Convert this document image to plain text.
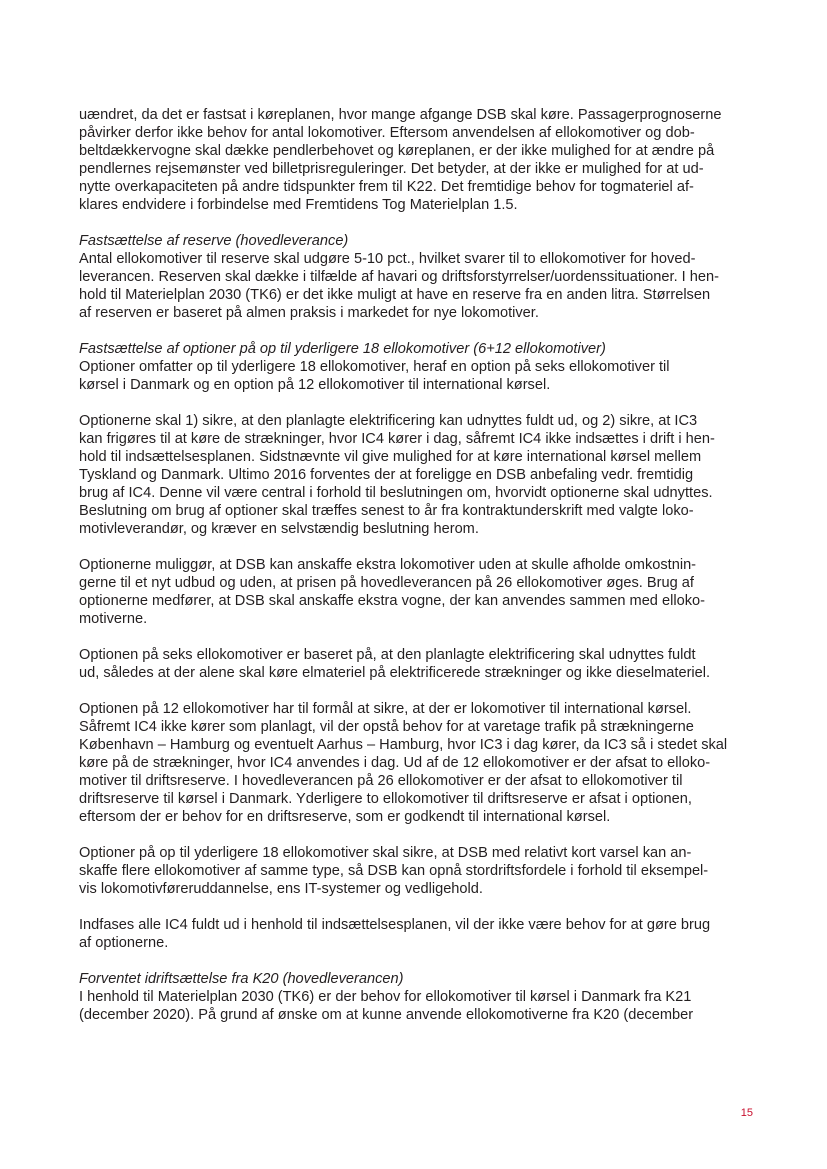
uændret, da det er fastsat i køreplanen, hvor mange afgange DSB skal køre. Passagerprognoserne
påvirker derfor ikke behov for antal lokomotiver. Eftersom anvendelsen af ellokomotiver og dob-
beltdækkervogne skal dække pendlerbehovet og køreplanen, er der ikke mulighed for at ændre på
pendlernes rejsemønster ved billetprisreguleringer. Det betyder, at der ikke er mulighed for at ud-
nytte overkapaciteten på andre tidspunkter frem til K22. Det fremtidige behov for togmateriel af-
klares endvidere i forbindelse med Fremtidens Tog Materielplan 1.5.
Fastsættelse af reserve (hovedleverance)
Antal ellokomotiver til reserve skal udgøre 5-10 pct., hvilket svarer til to ellokomotiver for hoved-
leverancen. Reserven skal dække i tilfælde af havari og driftsforstyrrelser/uordenssituationer. I hen-
hold til Materielplan 2030 (TK6) er det ikke muligt at have en reserve fra en anden litra. Størrelsen
af reserven er baseret på almen praksis i markedet for nye lokomotiver.
Fastsættelse af optioner på op til yderligere 18 ellokomotiver (6+12 ellokomotiver)
Optioner omfatter op til yderligere 18 ellokomotiver, heraf en option på seks ellokomotiver til
kørsel i Danmark og en option på 12 ellokomotiver til international kørsel.
Optionerne skal 1) sikre, at den planlagte elektrificering kan udnyttes fuldt ud, og 2) sikre, at IC3
kan frigøres til at køre de strækninger, hvor IC4 kører i dag, såfremt IC4 ikke indsættes i drift i hen-
hold til indsættelsesplanen. Sidstnævnte vil give mulighed for at køre international kørsel mellem
Tyskland og Danmark. Ultimo 2016 forventes der at foreligge en DSB anbefaling vedr. fremtidig
brug af IC4. Denne vil være central i forhold til beslutningen om, hvorvidt optionerne skal udnyttes.
Beslutning om brug af optioner skal træffes senest to år fra kontraktunderskrift med valgte loko-
motivleverandør, og kræver en selvstændig beslutning herom.
Optionerne muliggør, at DSB kan anskaffe ekstra lokomotiver uden at skulle afholde omkostnin-
gerne til et nyt udbud og uden, at prisen på hovedleverancen på 26 ellokomotiver øges. Brug af
optionerne medfører, at DSB skal anskaffe ekstra vogne, der kan anvendes sammen med elloko-
motiverne.
Optionen på seks ellokomotiver er baseret på, at den planlagte elektrificering skal udnyttes fuldt
ud, således at der alene skal køre elmateriel på elektrificerede strækninger og ikke dieselmateriel.
Optionen på 12 ellokomotiver har til formål at sikre, at der er lokomotiver til international kørsel.
Såfremt IC4 ikke kører som planlagt, vil der opstå behov for at varetage trafik på strækningerne
København – Hamburg og eventuelt Aarhus – Hamburg, hvor IC3 i dag kører, da IC3 så i stedet skal
køre på de strækninger, hvor IC4 anvendes i dag. Ud af de 12 ellokomotiver er der afsat to elloko-
motiver til driftsreserve. I hovedleverancen på 26 ellokomotiver er der afsat to ellokomotiver til
driftsreserve til kørsel i Danmark. Yderligere to ellokomotiver til driftsreserve er afsat i optionen,
eftersom der er behov for en driftsreserve, som er godkendt til international kørsel.
Optioner på op til yderligere 18 ellokomotiver skal sikre, at DSB med relativt kort varsel kan an-
skaffe flere ellokomotiver af samme type, så DSB kan opnå stordriftsfordele i forhold til eksempel-
vis lokomotivføreruddannelse, ens IT-systemer og vedligehold.
Indfases alle IC4 fuldt ud i henhold til indsættelsesplanen, vil der ikke være behov for at gøre brug
af optionerne.
Forventet idriftsættelse fra K20 (hovedleverancen)
I henhold til Materielplan 2030 (TK6) er der behov for ellokomotiver til kørsel i Danmark fra K21
(december 2020). På grund af ønske om at kunne anvende ellokomotiverne fra K20 (december
15
